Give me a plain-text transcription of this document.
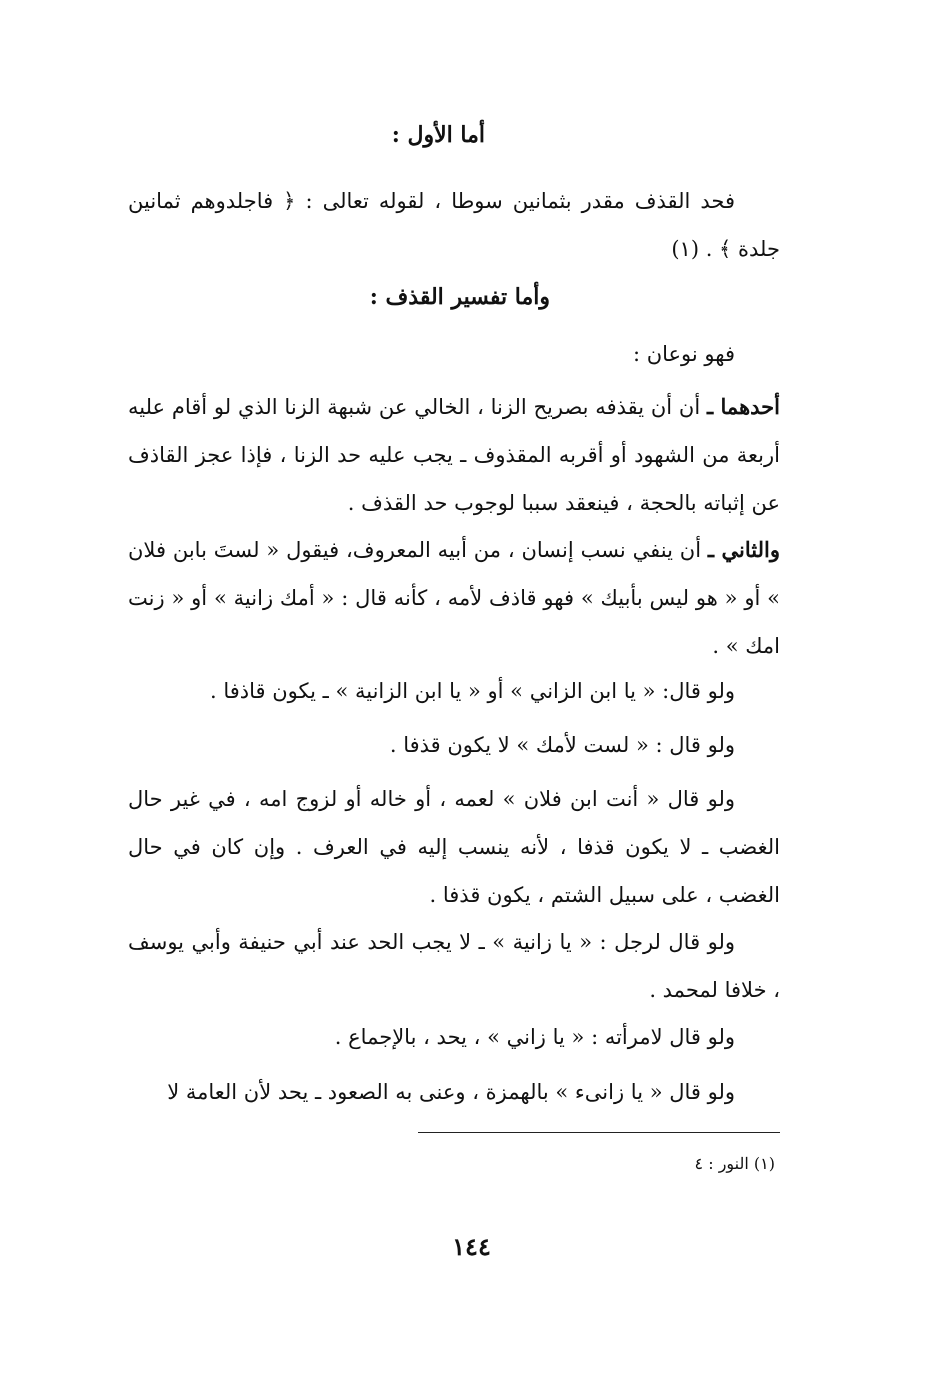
أما الأول :

فحد القذف مقدر بثمانين سوطا ، لقوله تعالى : ﴿ فاجلدوهم ثمانين جلدة ﴾ . (١)

وأما تفسير القذف :
فهو نوعان :

أحدهما ـ أن أن يقذفه بصريح الزنا ، الخالي عن شبهة الزنا الذي لو أقام عليه أربعة من الشهود أو أقربه المقذوف ـ يجب عليه حد الزنا ، فإذا عجز القاذف عن إثباته بالحجة ، فينعقد سببا لوجوب حد القذف .

والثاني ـ أن ينفي نسب إنسان ، من أبيه المعروف، فيقول « لستَ بابن فلان » أو « هو ليس بأبيك » فهو قاذف لأمه ، كأنه قال : « أمك زانية » أو « زنت امك » .

ولو قال: « يا ابن الزاني » أو « يا ابن الزانية » ـ يكون قاذفا .
ولو قال : « لست لأمك » لا يكون قذفا .

ولو قال « أنت ابن فلان » لعمه ، أو خاله أو لزوج امه ، في غير حال الغضب ـ لا يكون قذفا ، لأنه ينسب إليه في العرف . وإن كان في حال الغضب ، على سبيل الشتم ، يكون قذفا .

ولو قال لرجل : « يا زانية » ـ لا يجب الحد عند أبي حنيفة وأبي يوسف ، خلافا لمحمد .

ولو قال لامرأته : « يا زاني » ، يحد ، بالإجماع .
ولو قال « يا زانىء » بالهمزة ، وعنى به الصعود ـ يحد لأن العامة لا
(١) النور : ٤
١٤٤
